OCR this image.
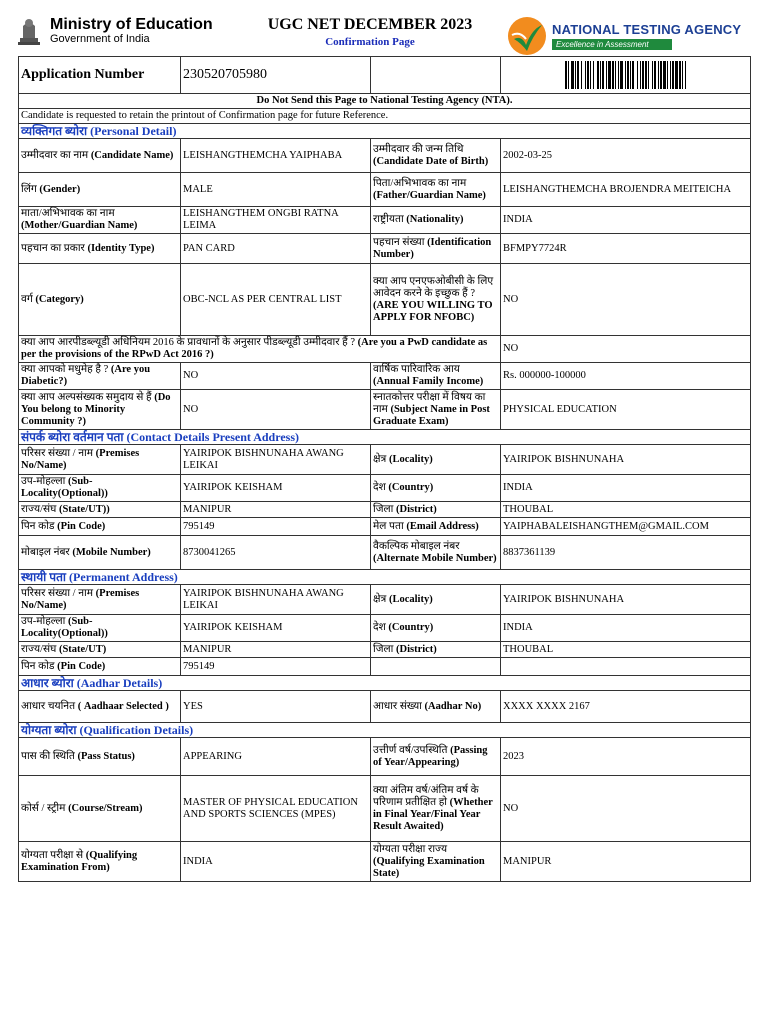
Ministry of Education
Government of India
UGC NET DECEMBER 2023
Confirmation Page
NATIONAL TESTING AGENCY
Excellence in Assessment
Application Number	230520705980		

Do Not Send this Page to National Testing Agency (NTA).			
Candidate is requested to retain the printout of Confirmation page for future Reference.			
व्यक्तिगत ब्योरा (Personal Detail)			
उम्मीदवार का नाम (Candidate Name)	LEISHANGTHEMCHA YAIPHABA	उम्मीदवार की जन्म तिथि (Candidate Date of Birth)	2002-03-25
लिंग (Gender)	MALE	पिता/अभिभावक का नाम (Father/Guardian Name)	LEISHANGTHEMCHA BROJENDRA MEITEICHA
माता/अभिभावक का नाम (Mother/Guardian Name)	LEISHANGTHEM ONGBI RATNA LEIMA	राष्ट्रीयता (Nationality)	INDIA
पहचान का प्रकार (Identity Type)	PAN CARD	पहचान संख्या (Identification Number)	BFMPY7724R
वर्ग (Category)	OBC-NCL AS PER CENTRAL LIST	क्या आप एनएफओबीसी के लिए आवेदन करने के इच्छुक हैं ? (ARE YOU WILLING TO APPLY FOR NFOBC)	NO
क्या आप आरपीडब्ल्यूडी अधिनियम 2016 के प्रावधानों के अनुसार पीडब्ल्यूडी उम्मीदवार हैं ? (Are you a PwD candidate as per the provisions of the RPwD Act 2016 ?)			NO
क्या आपको मधुमेह है ? (Are you Diabetic?)	NO	वार्षिक पारिवारिक आय (Annual Family Income)	Rs. 000000-100000
क्या आप अल्पसंख्यक समुदाय से हैं (Do You belong to Minority Community ?)	NO	स्नातकोत्तर परीक्षा में विषय का नाम (Subject Name in Post Graduate Exam)	PHYSICAL EDUCATION
संपर्क ब्योरा वर्तमान पता (Contact Details Present Address)			
परिसर संख्या / नाम (Premises No/Name)	YAIRIPOK BISHNUNAHA AWANG LEIKAI	क्षेत्र (Locality)	YAIRIPOK BISHNUNAHA
उप-मोहल्ला (Sub-Locality(Optional))	YAIRIPOK KEISHAM	देश (Country)	INDIA
राज्य/संघ (State/UT))	MANIPUR	जिला (District)	THOUBAL
पिन कोड (Pin Code)	795149	मेल पता (Email Address)	YAIPHABALEISHANGTHEM@GMAIL.COM
मोबाइल नंबर (Mobile Number)	8730041265	वैकल्पिक मोबाइल नंबर (Alternate Mobile Number)	8837361139
स्थायी पता (Permanent Address)			
परिसर संख्या / नाम (Premises No/Name)	YAIRIPOK BISHNUNAHA AWANG LEIKAI	क्षेत्र (Locality)	YAIRIPOK BISHNUNAHA
उप-मोहल्ला (Sub-Locality(Optional))	YAIRIPOK KEISHAM	देश (Country)	INDIA
राज्य/संघ (State/UT)	MANIPUR	जिला (District)	THOUBAL
पिन कोड (Pin Code)	795149		
आधार ब्योरा (Aadhar Details)			
आधार चयनित ( Aadhaar Selected )	YES	आधार संख्या (Aadhar No)	XXXX XXXX 2167
योग्यता ब्योरा (Qualification Details)			
पास की स्थिति (Pass Status)	APPEARING	उत्तीर्ण वर्ष/उपस्थिति (Passing of Year/Appearing)	2023
कोर्स / स्ट्रीम (Course/Stream)	MASTER OF PHYSICAL EDUCATION AND SPORTS SCIENCES (MPES)	क्या अंतिम वर्ष/अंतिम वर्ष के परिणाम प्रतीक्षित हो (Whether in Final Year/Final Year Result Awaited)	NO
योग्यता परीक्षा से (Qualifying Examination From)	INDIA	योग्यता परीक्षा राज्य (Qualifying Examination State)	MANIPUR
